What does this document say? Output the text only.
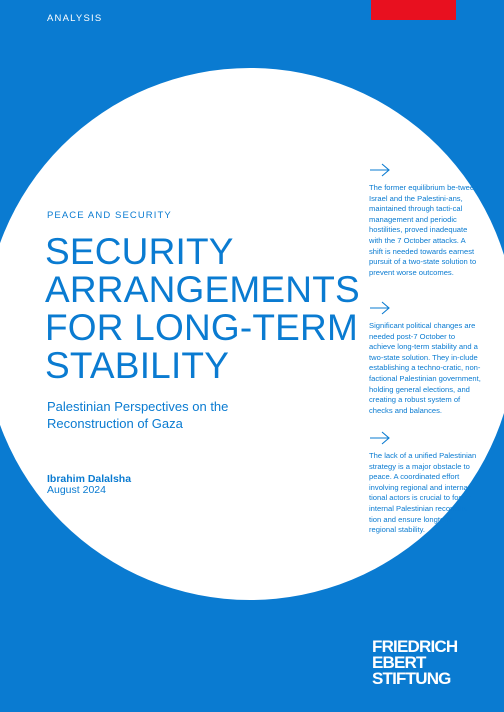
ANALYSIS
PEACE AND SECURITY
SECURITY
ARRANGEMENTS
FOR LONG-TERM
STABILITY
Palestinian Perspectives on the Reconstruction of Gaza
Ibrahim Dalalsha
August 2024
The former equilibrium be-tween Israel and the Palestini-ans, maintained through tacti-cal management and periodic hostilities, proved inadequate with the 7 October attacks. A shift is needed towards earnest pursuit of a two-state solution to prevent worse outcomes.
Significant political changes are needed post-7 October to achieve long-term stability and a two-state solution. They in-clude establishing a techno-cratic, non-factional Palestinian government, holding general elections, and creating a robust system of checks and balances.
The lack of a unified Palestinian strategy is a major obstacle to peace. A coordinated effort involving regional and interna-tional actors is crucial to foster internal Palestinian reconcilia-tion and ensure longterm regional stability.
FRIEDRICH
EBERT
STIFTUNG
